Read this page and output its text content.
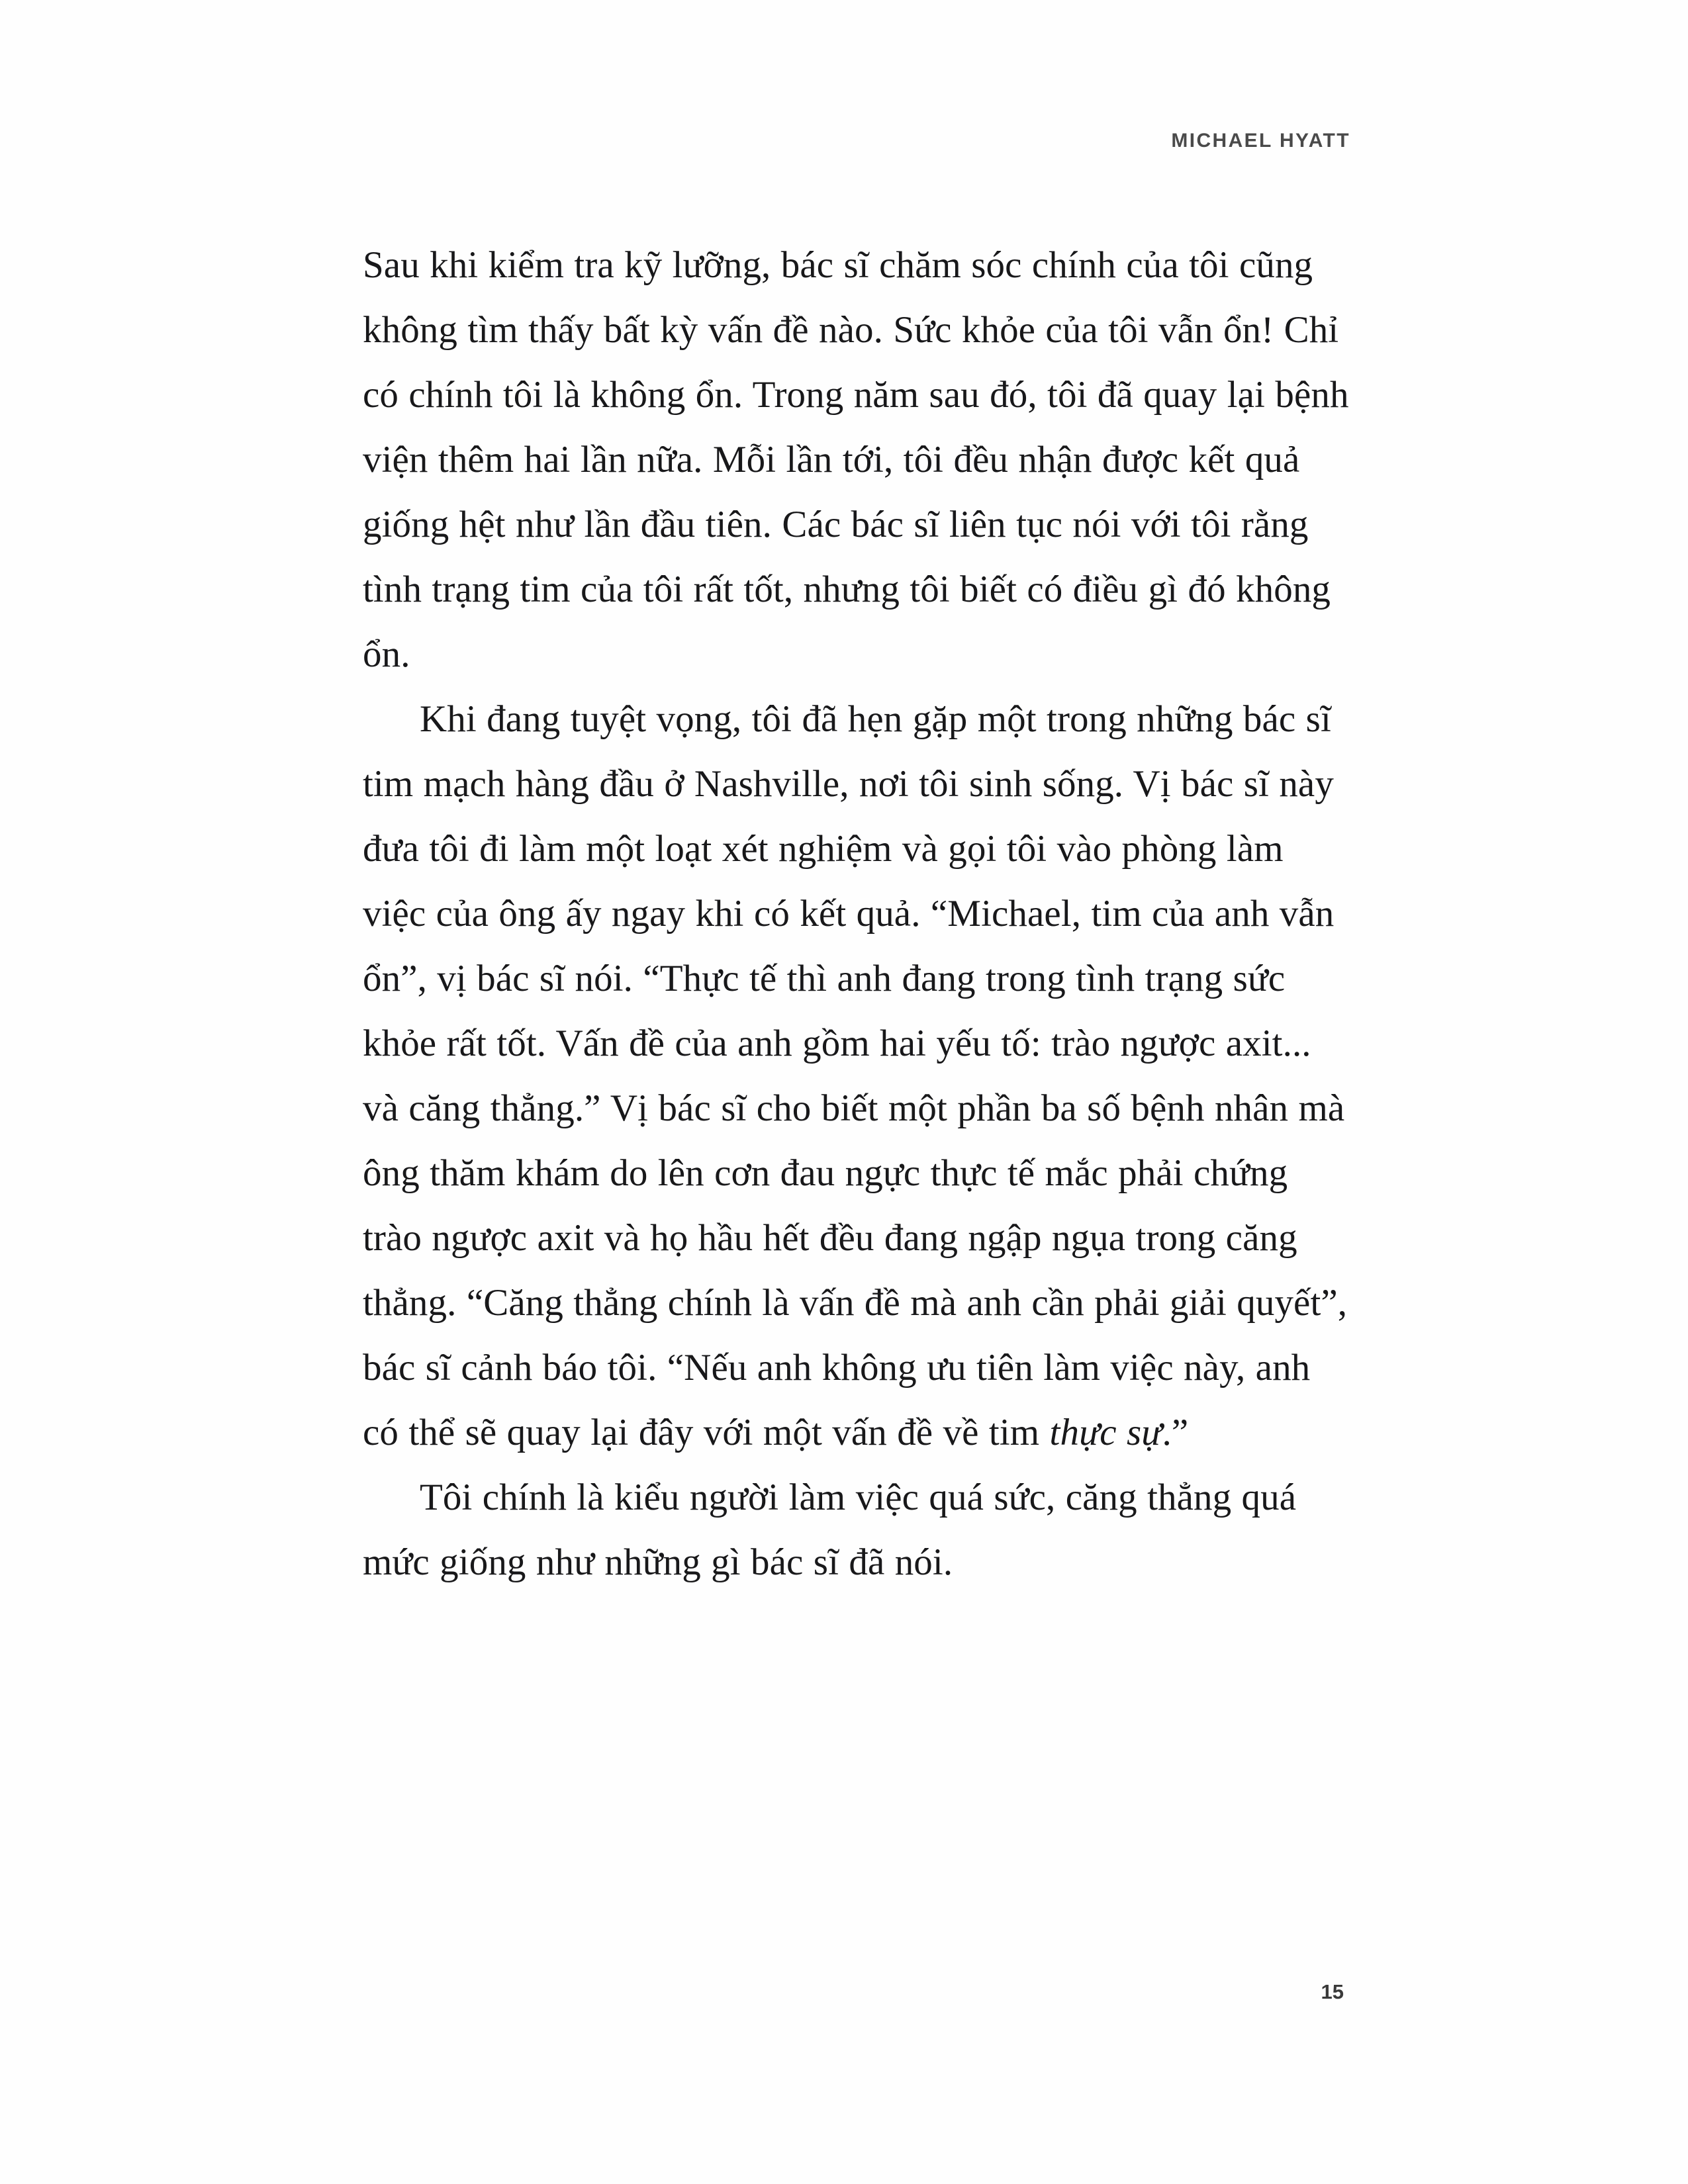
MICHAEL HYATT

Sau khi kiểm tra kỹ lưỡng, bác sĩ chăm sóc chính của tôi cũng không tìm thấy bất kỳ vấn đề nào. Sức khỏe của tôi vẫn ổn! Chỉ có chính tôi là không ổn. Trong năm sau đó, tôi đã quay lại bệnh viện thêm hai lần nữa. Mỗi lần tới, tôi đều nhận được kết quả giống hệt như lần đầu tiên. Các bác sĩ liên tục nói với tôi rằng tình trạng tim của tôi rất tốt, nhưng tôi biết có điều gì đó không ổn.

Khi đang tuyệt vọng, tôi đã hẹn gặp một trong những bác sĩ tim mạch hàng đầu ở Nashville, nơi tôi sinh sống. Vị bác sĩ này đưa tôi đi làm một loạt xét nghiệm và gọi tôi vào phòng làm việc của ông ấy ngay khi có kết quả. “Michael, tim của anh vẫn ổn”, vị bác sĩ nói. “Thực tế thì anh đang trong tình trạng sức khỏe rất tốt. Vấn đề của anh gồm hai yếu tố: trào ngược axit... và căng thẳng.” Vị bác sĩ cho biết một phần ba số bệnh nhân mà ông thăm khám do lên cơn đau ngực thực tế mắc phải chứng trào ngược axit và họ hầu hết đều đang ngập ngụa trong căng thẳng. “Căng thẳng chính là vấn đề mà anh cần phải giải quyết”, bác sĩ cảnh báo tôi. “Nếu anh không ưu tiên làm việc này, anh có thể sẽ quay lại đây với một vấn đề về tim thực sự.”

Tôi chính là kiểu người làm việc quá sức, căng thẳng quá mức giống như những gì bác sĩ đã nói.

15
